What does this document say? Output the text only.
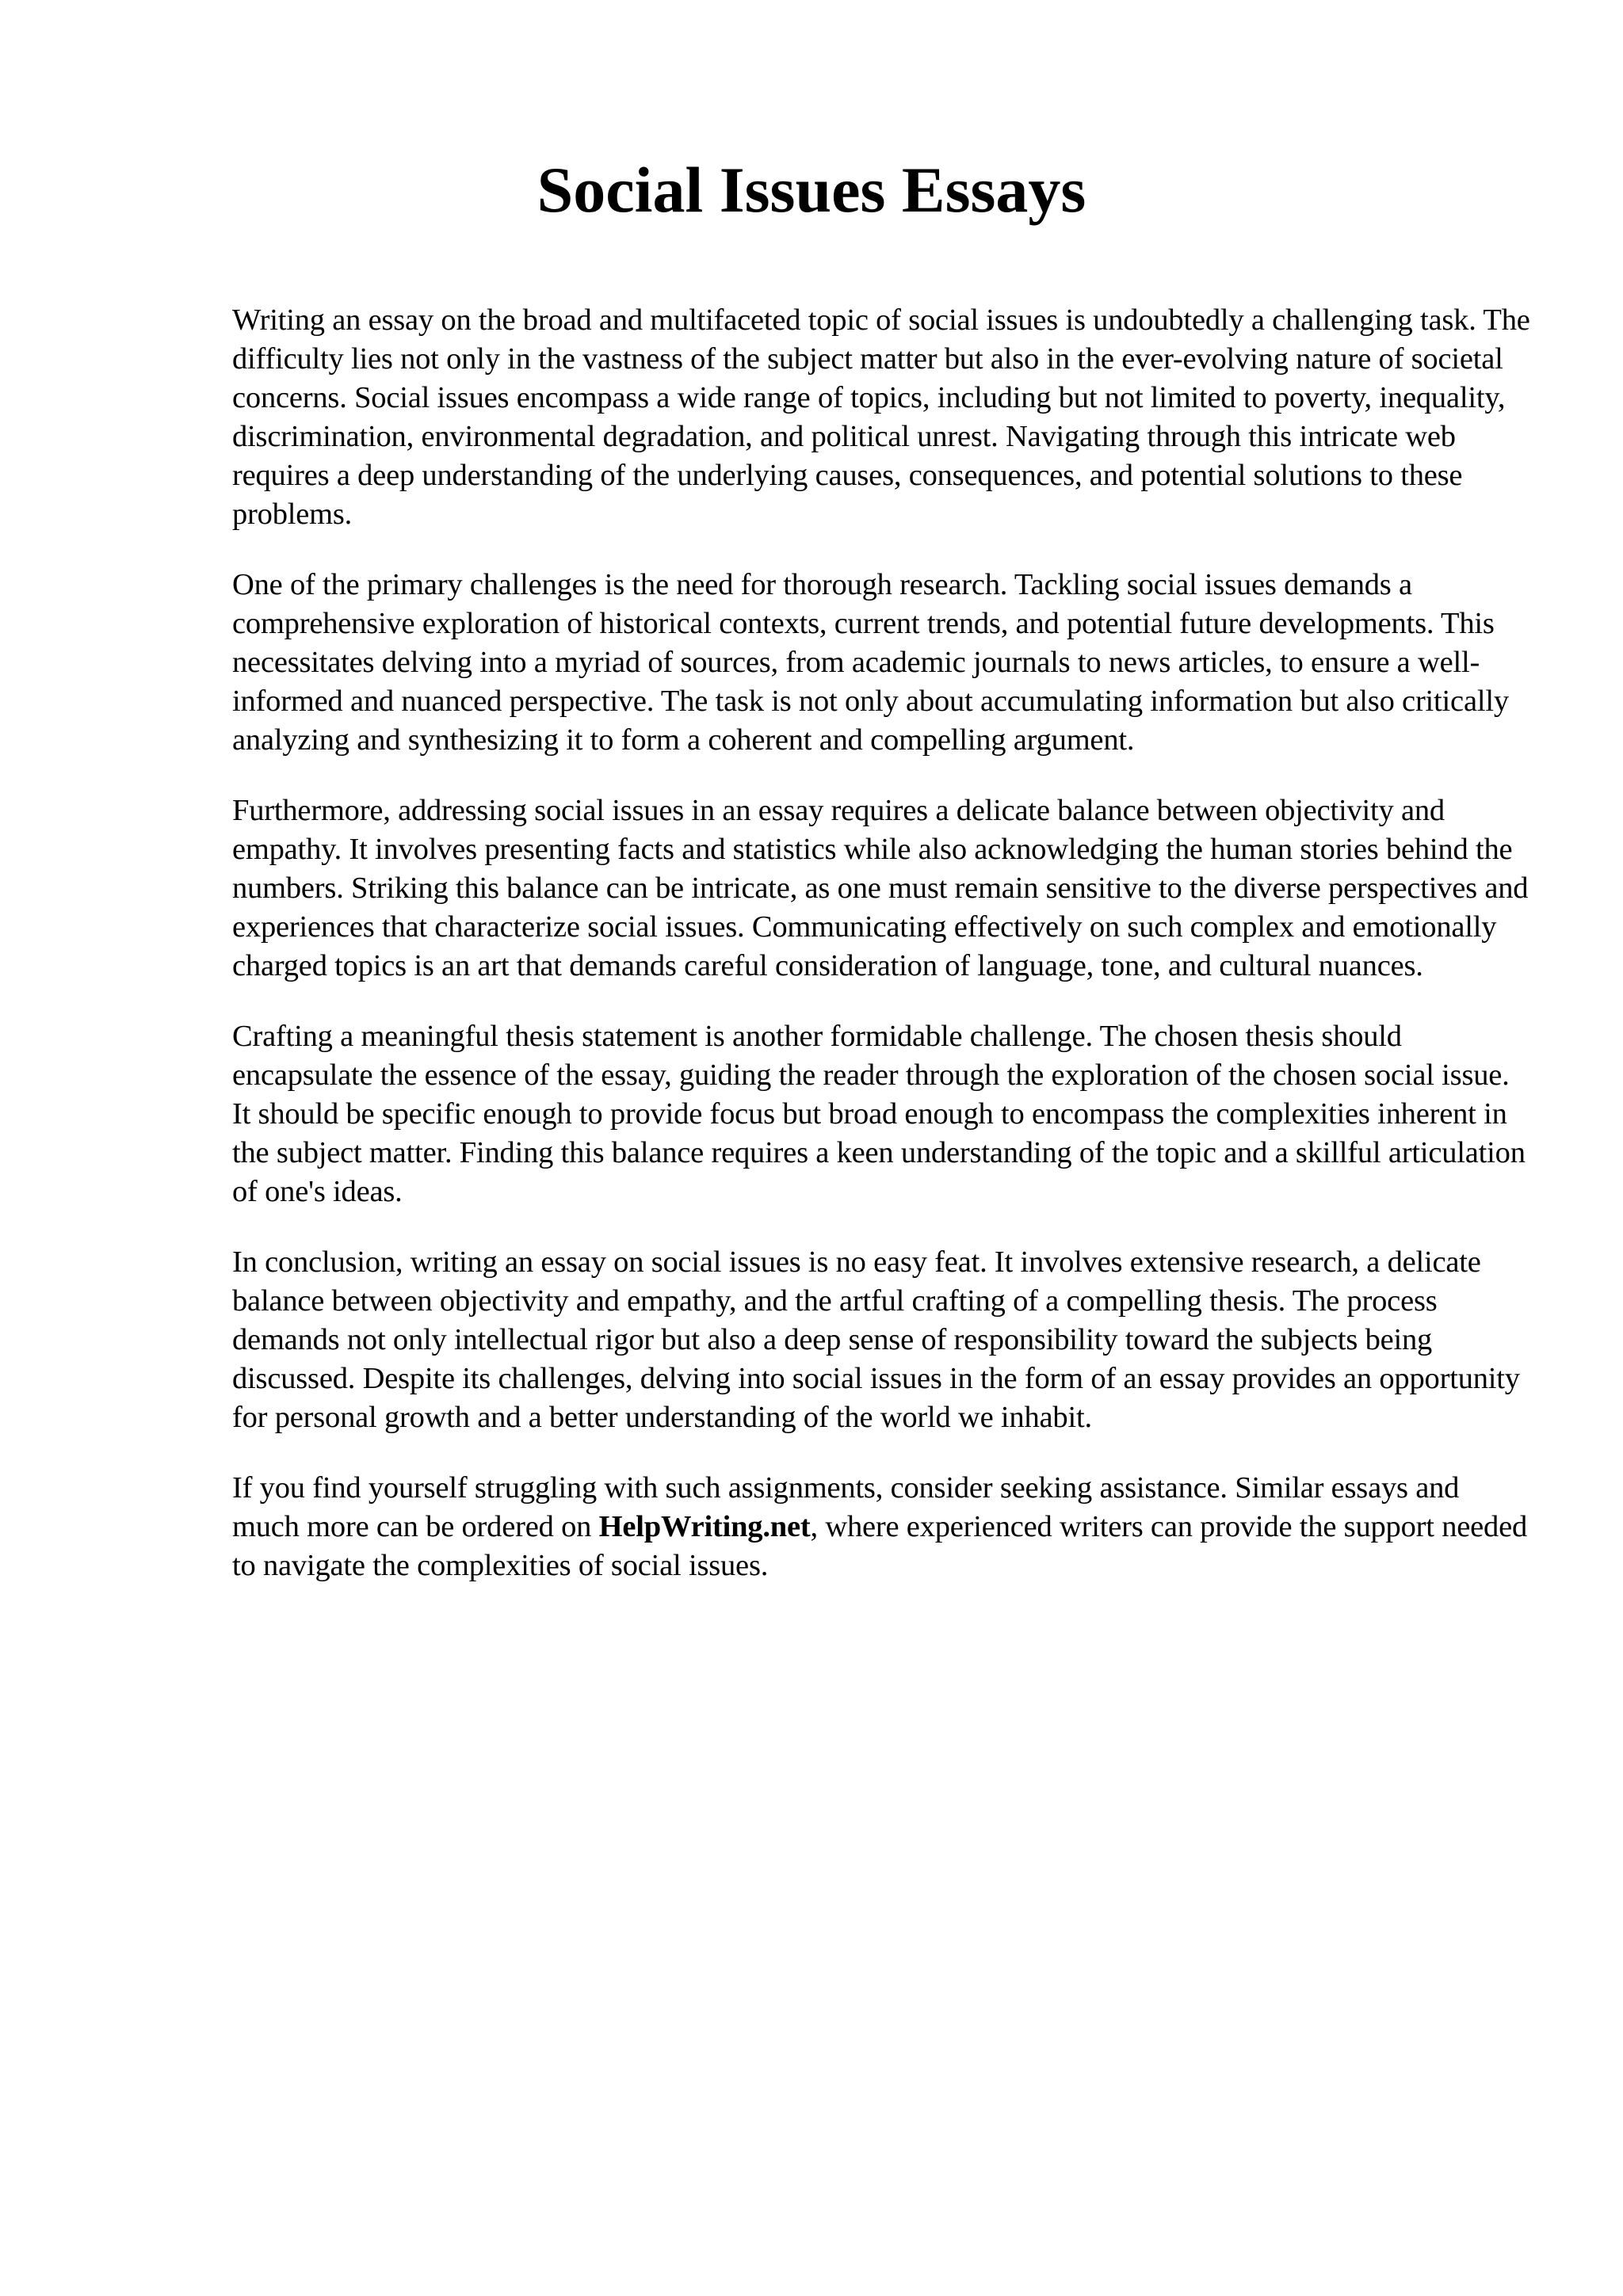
Social Issues Essays

Writing an essay on the broad and multifaceted topic of social issues is undoubtedly a challenging task. The difficulty lies not only in the vastness of the subject matter but also in the ever-evolving nature of societal concerns. Social issues encompass a wide range of topics, including but not limited to poverty, inequality, discrimination, environmental degradation, and political unrest. Navigating through this intricate web requires a deep understanding of the underlying causes, consequences, and potential solutions to these problems.

One of the primary challenges is the need for thorough research. Tackling social issues demands a comprehensive exploration of historical contexts, current trends, and potential future developments. This necessitates delving into a myriad of sources, from academic journals to news articles, to ensure a well-informed and nuanced perspective. The task is not only about accumulating information but also critically analyzing and synthesizing it to form a coherent and compelling argument.

Furthermore, addressing social issues in an essay requires a delicate balance between objectivity and empathy. It involves presenting facts and statistics while also acknowledging the human stories behind the numbers. Striking this balance can be intricate, as one must remain sensitive to the diverse perspectives and experiences that characterize social issues. Communicating effectively on such complex and emotionally charged topics is an art that demands careful consideration of language, tone, and cultural nuances.

Crafting a meaningful thesis statement is another formidable challenge. The chosen thesis should encapsulate the essence of the essay, guiding the reader through the exploration of the chosen social issue. It should be specific enough to provide focus but broad enough to encompass the complexities inherent in the subject matter. Finding this balance requires a keen understanding of the topic and a skillful articulation of one's ideas.

In conclusion, writing an essay on social issues is no easy feat. It involves extensive research, a delicate balance between objectivity and empathy, and the artful crafting of a compelling thesis. The process demands not only intellectual rigor but also a deep sense of responsibility toward the subjects being discussed. Despite its challenges, delving into social issues in the form of an essay provides an opportunity for personal growth and a better understanding of the world we inhabit.

If you find yourself struggling with such assignments, consider seeking assistance. Similar essays and much more can be ordered on HelpWriting.net, where experienced writers can provide the support needed to navigate the complexities of social issues.
